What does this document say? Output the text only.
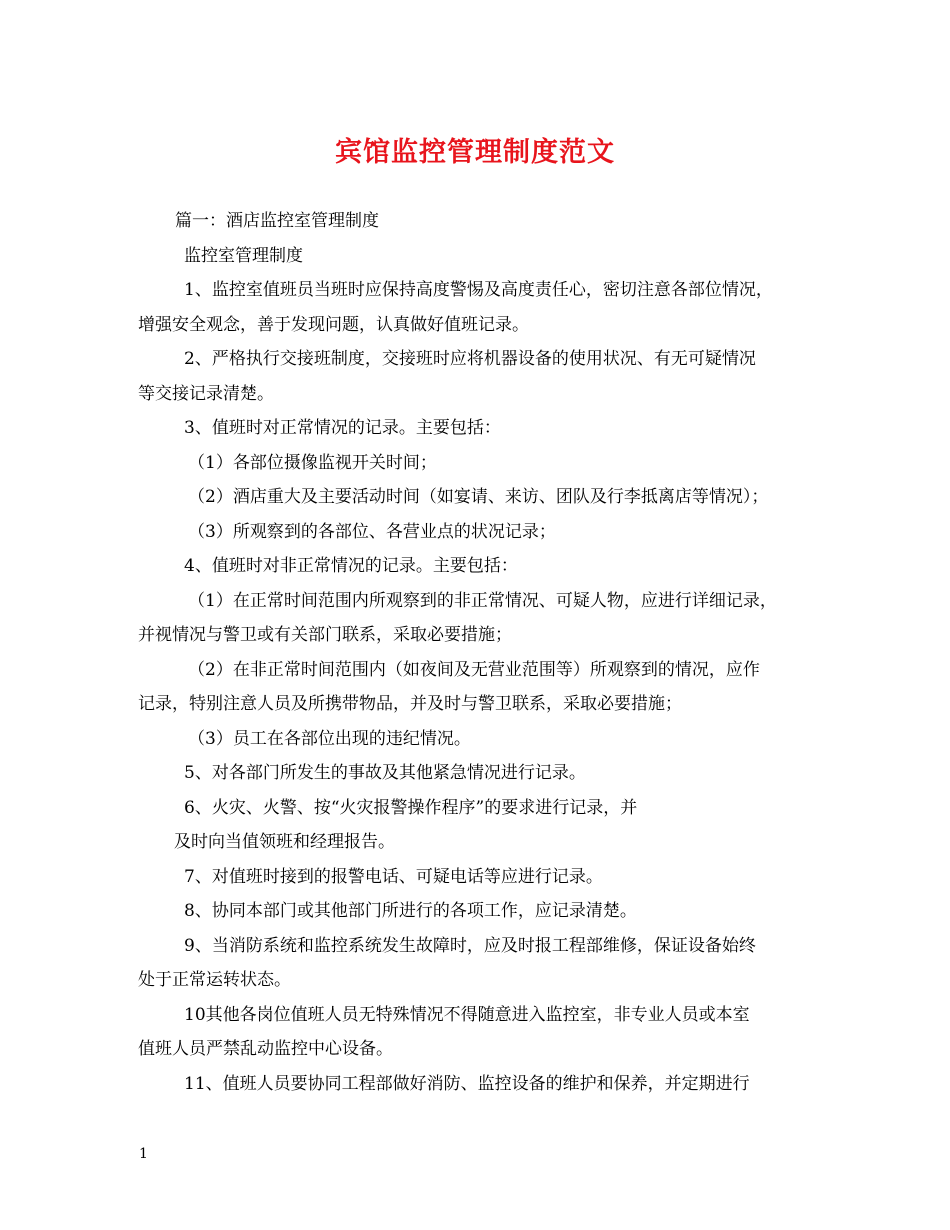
宾馆监控管理制度范文
篇一：酒店监控室管理制度
监控室管理制度
1、监控室值班员当班时应保持高度警惕及高度责任心，密切注意各部位情况，
增强安全观念，善于发现问题，认真做好值班记录。
2、严格执行交接班制度，交接班时应将机器设备的使用状况、有无可疑情况
等交接记录清楚。
3、值班时对正常情况的记录。主要包括：
（1）各部位摄像监视开关时间；
（2）酒店重大及主要活动时间（如宴请、来访、团队及行李抵离店等情况）；
（3）所观察到的各部位、各营业点的状况记录；
4、值班时对非正常情况的记录。主要包括：
（1）在正常时间范围内所观察到的非正常情况、可疑人物，应进行详细记录，
并视情况与警卫或有关部门联系，采取必要措施；
（2）在非正常时间范围内（如夜间及无营业范围等）所观察到的情况，应作
记录，特别注意人员及所携带物品，并及时与警卫联系，采取必要措施；
（3）员工在各部位出现的违纪情况。
5、对各部门所发生的事故及其他紧急情况进行记录。
6、火灾、火警、按“火灾报警操作程序”的要求进行记录，并
及时向当值领班和经理报告。
7、对值班时接到的报警电话、可疑电话等应进行记录。
8、协同本部门或其他部门所进行的各项工作，应记录清楚。
9、当消防系统和监控系统发生故障时，应及时报工程部维修，保证设备始终
处于正常运转状态。
10其他各岗位值班人员无特殊情况不得随意进入监控室，非专业人员或本室
值班人员严禁乱动监控中心设备。
11、值班人员要协同工程部做好消防、监控设备的维护和保养，并定期进行
1
